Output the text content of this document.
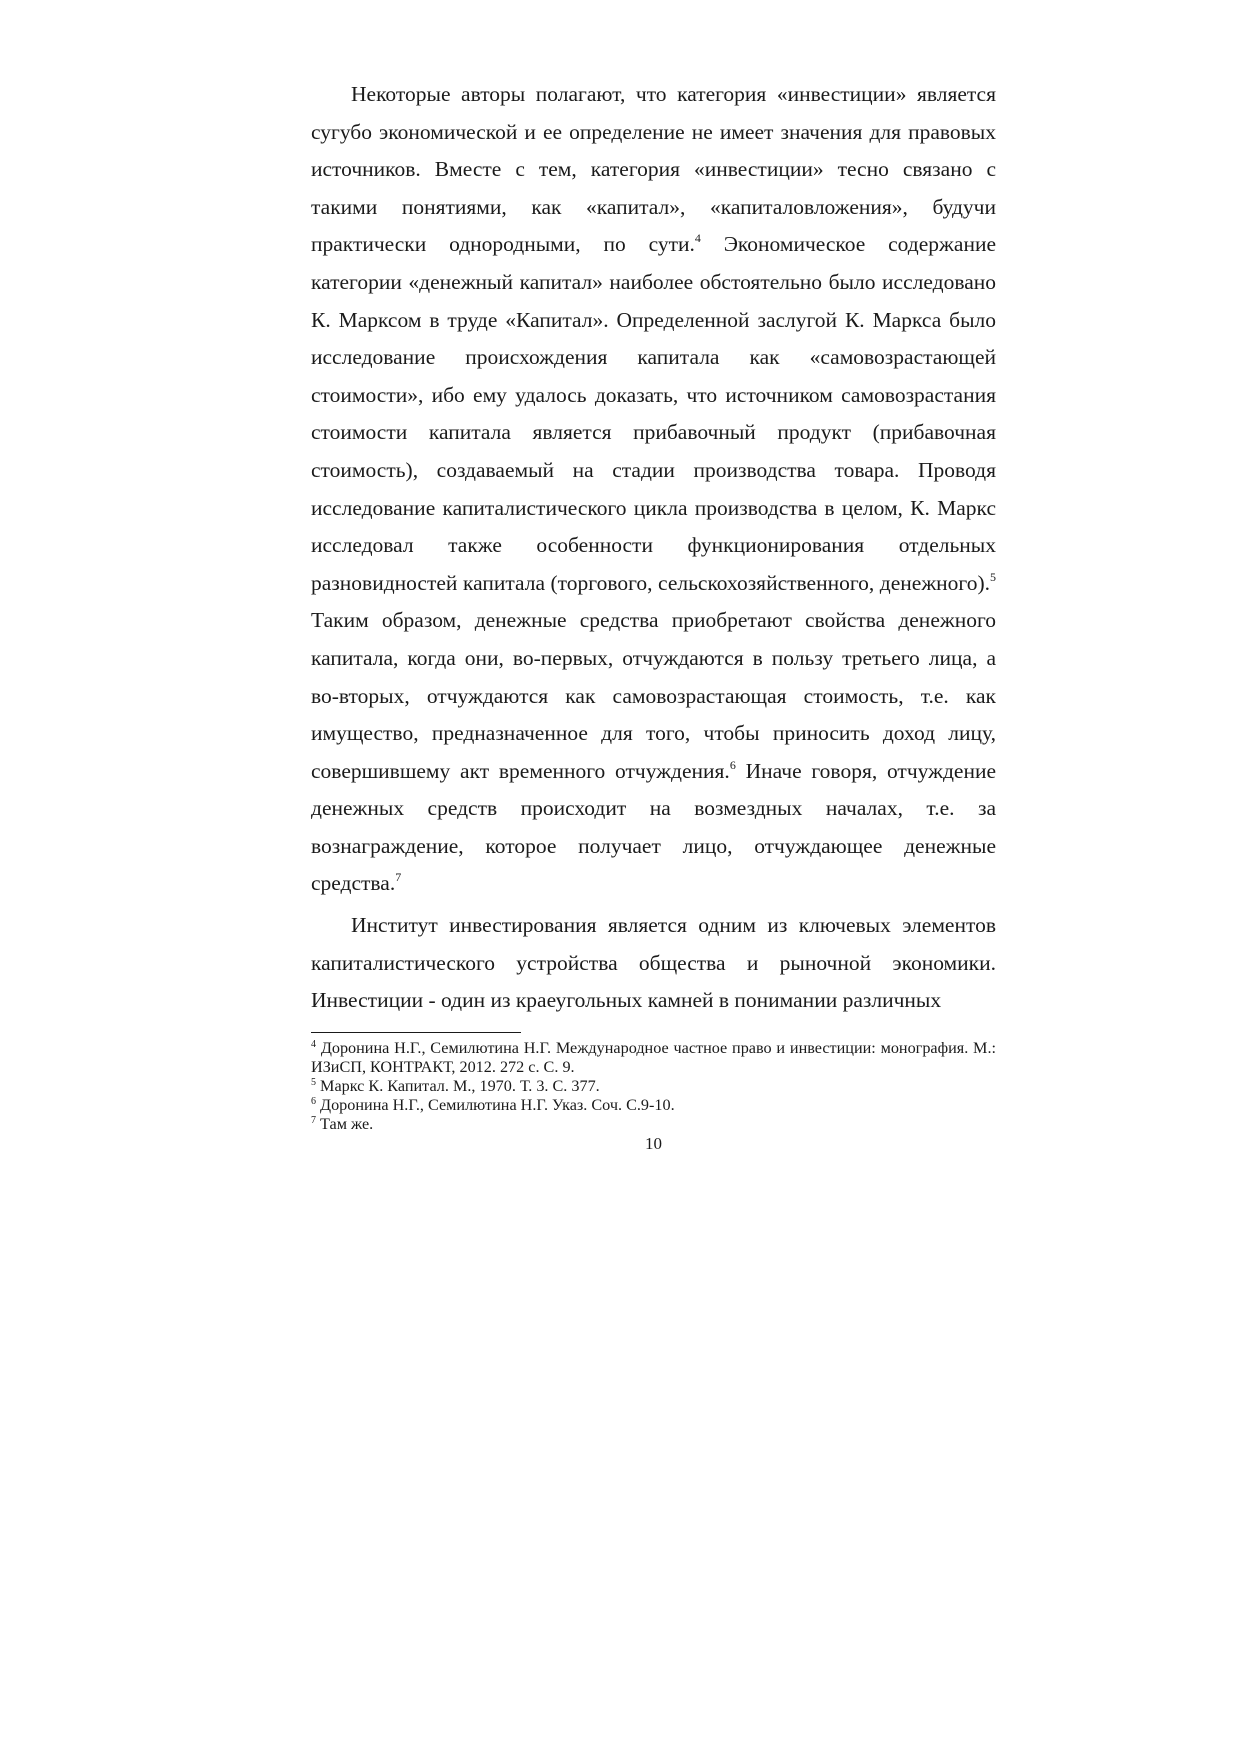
Некоторые авторы полагают, что категория «инвестиции» является сугубо экономической и ее определение не имеет значения для правовых источников. Вместе с тем, категория «инвестиции» тесно связано с такими понятиями, как «капитал», «капиталовложения», будучи практически однородными, по сути.$^4$ Экономическое содержание категории «денежный капитал» наиболее обстоятельно было исследовано К. Марксом в труде «Капитал». Определенной заслугой К. Маркса было исследование происхождения капитала как «самовозрастающей стоимости», ибо ему удалось доказать, что источником самовозрастания стоимости капитала является прибавочный продукт (прибавочная стоимость), создаваемый на стадии производства товара. Проводя исследование капиталистического цикла производства в целом, К. Маркс исследовал также особенности функционирования отдельных разновидностей капитала (торгового, сельскохозяйственного, денежного).$^5$ Таким образом, денежные средства приобретают свойства денежного капитала, когда они, во-первых, отчуждаются в пользу третьего лица, а во-вторых, отчуждаются как самовозрастающая стоимость, т.е. как имущество, предназначенное для того, чтобы приносить доход лицу, совершившему акт временного отчуждения.$^6$ Иначе говоря, отчуждение денежных средств происходит на возмездных началах, т.е. за вознаграждение, которое получает лицо, отчуждающее денежные средства.$^7$

Институт инвестирования является одним из ключевых элементов капиталистического устройства общества и рыночной экономики. Инвестиции - один из краеугольных камней в понимании различных

$^4$ Доронина Н.Г., Семилютина Н.Г. Международное частное право и инвестиции: монография. М.: ИЗиСП, КОНТРАКТ, 2012. 272 с. С. 9.

$^5$ Маркс К. Капитал. М., 1970. Т. 3. С. 377.

$^6$ Доронина Н.Г., Семилютина Н.Г. Указ. Соч. С.9-10.

$^7$ Там же.

10
